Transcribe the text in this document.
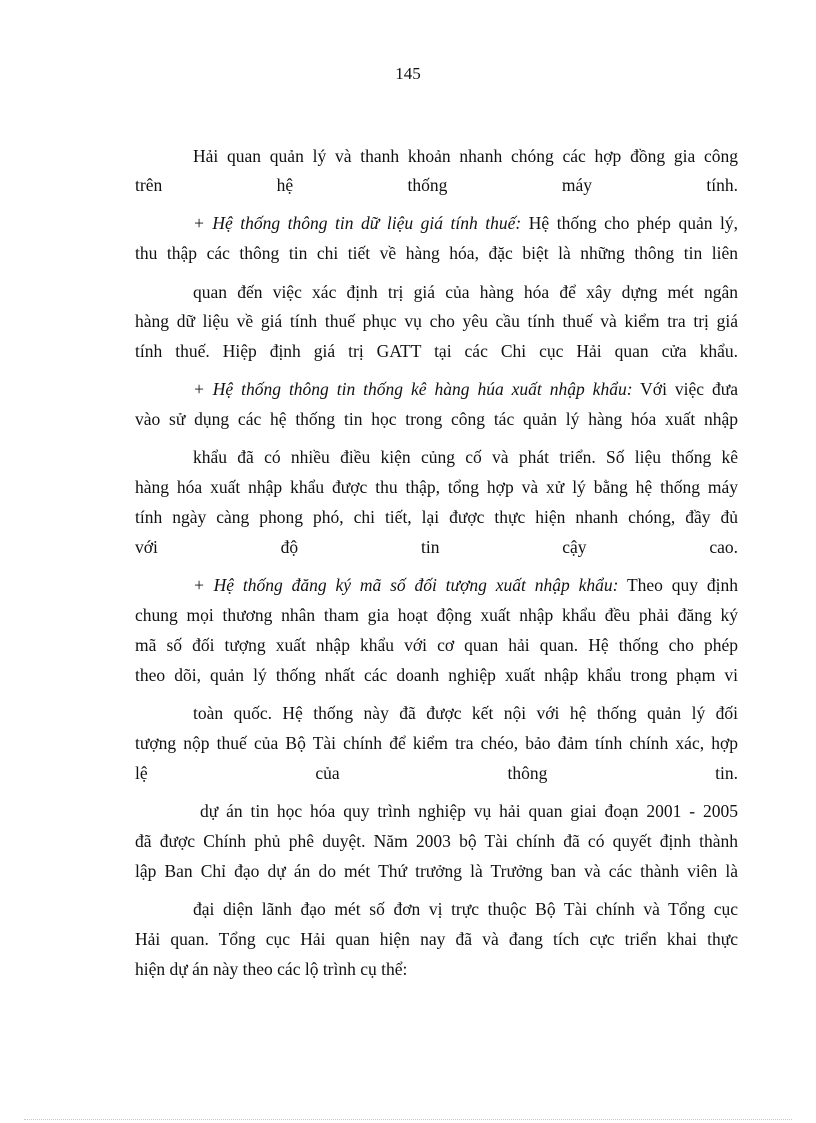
145
Hải quan quản lý và thanh khoản nhanh chóng các hợp đồng gia công
trên hệ thống máy tính.
+ Hệ thống thông tin dữ liệu giá tính thuế: Hệ thống cho phép quản lý,
thu thập các thông tin chi tiết về hàng hóa, đặc biệt là những thông tin liên
quan đến việc xác định trị giá của hàng hóa để xây dựng mét ngân
hàng dữ liệu về giá tính thuế phục vụ cho yêu cầu tính thuế và kiểm tra trị giá
tính thuế. Hiệp định giá trị GATT tại các Chi cục Hải quan cửa khẩu.
+ Hệ thống thông tin thống kê hàng húa xuất nhập khẩu: Với việc đưa
vào sử dụng các hệ thống tin học trong công tác quản lý hàng hóa xuất nhập
khẩu đã có nhiều điều kiện củng cố và phát triển. Số liệu thống kê
hàng hóa xuất nhập khẩu được thu thập, tổng hợp và xử lý bằng hệ thống máy
tính ngày càng phong phó, chi tiết, lại được thực hiện nhanh chóng, đầy đủ
với độ tin cậy cao.
+ Hệ thống đăng ký mã số đối tượng xuất nhập khẩu: Theo quy định
chung mọi thương nhân tham gia hoạt động xuất nhập khẩu đều phải đăng ký
mã số đối tượng xuất nhập khẩu với cơ quan hải quan. Hệ thống cho phép
theo dõi, quản lý thống nhất các doanh nghiệp xuất nhập khẩu trong phạm vi
toàn quốc. Hệ thống này đã được kết nội với hệ thống quản lý đối
tượng nộp thuế của Bộ Tài chính để kiểm tra chéo, bảo đảm tính chính xác, hợp
lệ của thông tin.
dự án tin học hóa quy trình nghiệp vụ hải quan giai đoạn 2001 - 2005
đã được Chính phủ phê duyệt. Năm 2003 bộ Tài chính đã có quyết định thành
lập Ban Chỉ đạo dự án do mét Thứ trưởng là Trưởng ban và các thành viên là
đại diện lãnh đạo mét số đơn vị trực thuộc Bộ Tài chính và Tổng cục
Hải quan. Tổng cục Hải quan hiện nay đã và đang tích cực triển khai thực
hiện dự án này theo các lộ trình cụ thể:
